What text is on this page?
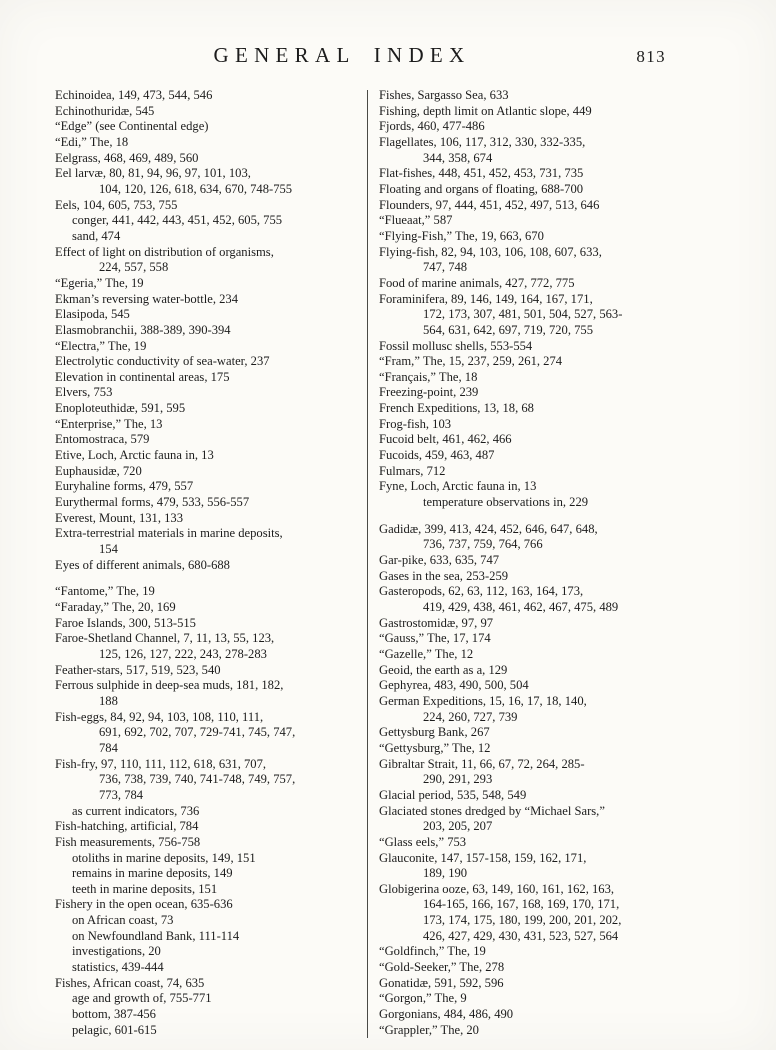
GENERAL INDEX	813
Echinoidea, 149, 473, 544, 546
Echinothuridæ, 545
“Edge” (see Continental edge)
“Edi,” The, 18
Eelgrass, 468, 469, 489, 560
Eel larvæ, 80, 81, 94, 96, 97, 101, 103,
104, 120, 126, 618, 634, 670, 748-755
Eels, 104, 605, 753, 755
conger, 441, 442, 443, 451, 452, 605, 755
sand, 474
Effect of light on distribution of organisms,
224, 557, 558
“Egeria,” The, 19
Ekman’s reversing water-bottle, 234
Elasipoda, 545
Elasmobranchii, 388-389, 390-394
“Electra,” The, 19
Electrolytic conductivity of sea-water, 237
Elevation in continental areas, 175
Elvers, 753
Enoploteuthidæ, 591, 595
“Enterprise,” The, 13
Entomostraca, 579
Etive, Loch, Arctic fauna in, 13
Euphausidæ, 720
Euryhaline forms, 479, 557
Eurythermal forms, 479, 533, 556-557
Everest, Mount, 131, 133
Extra-terrestrial materials in marine deposits,
154
Eyes of different animals, 680-688
“Fantome,” The, 19
“Faraday,” The, 20, 169
Faroe Islands, 300, 513-515
Faroe-Shetland Channel, 7, 11, 13, 55, 123,
125, 126, 127, 222, 243, 278-283
Feather-stars, 517, 519, 523, 540
Ferrous sulphide in deep-sea muds, 181, 182,
188
Fish-eggs, 84, 92, 94, 103, 108, 110, 111,
691, 692, 702, 707, 729-741, 745, 747,
784
Fish-fry, 97, 110, 111, 112, 618, 631, 707,
736, 738, 739, 740, 741-748, 749, 757,
773, 784
as current indicators, 736
Fish-hatching, artificial, 784
Fish measurements, 756-758
otoliths in marine deposits, 149, 151
remains in marine deposits, 149
teeth in marine deposits, 151
Fishery in the open ocean, 635-636
on African coast, 73
on Newfoundland Bank, 111-114
investigations, 20
statistics, 439-444
Fishes, African coast, 74, 635
age and growth of, 755-771
bottom, 387-456
pelagic, 601-615
Fishes, Sargasso Sea, 633
Fishing, depth limit on Atlantic slope, 449
Fjords, 460, 477-486
Flagellates, 106, 117, 312, 330, 332-335,
344, 358, 674
Flat-fishes, 448, 451, 452, 453, 731, 735
Floating and organs of floating, 688-700
Flounders, 97, 444, 451, 452, 497, 513, 646
“Flueaat,” 587
“Flying-Fish,” The, 19, 663, 670
Flying-fish, 82, 94, 103, 106, 108, 607, 633,
747, 748
Food of marine animals, 427, 772, 775
Foraminifera, 89, 146, 149, 164, 167, 171,
172, 173, 307, 481, 501, 504, 527, 563-
564, 631, 642, 697, 719, 720, 755
Fossil mollusc shells, 553-554
“Fram,” The, 15, 237, 259, 261, 274
“Français,” The, 18
Freezing-point, 239
French Expeditions, 13, 18, 68
Frog-fish, 103
Fucoid belt, 461, 462, 466
Fucoids, 459, 463, 487
Fulmars, 712
Fyne, Loch, Arctic fauna in, 13
temperature observations in, 229
Gadidæ, 399, 413, 424, 452, 646, 647, 648,
736, 737, 759, 764, 766
Gar-pike, 633, 635, 747
Gases in the sea, 253-259
Gasteropods, 62, 63, 112, 163, 164, 173,
419, 429, 438, 461, 462, 467, 475, 489
Gastrostomidæ, 97, 97
“Gauss,” The, 17, 174
“Gazelle,” The, 12
Geoid, the earth as a, 129
Gephyrea, 483, 490, 500, 504
German Expeditions, 15, 16, 17, 18, 140,
224, 260, 727, 739
Gettysburg Bank, 267
“Gettysburg,” The, 12
Gibraltar Strait, 11, 66, 67, 72, 264, 285-
290, 291, 293
Glacial period, 535, 548, 549
Glaciated stones dredged by “Michael Sars,”
203, 205, 207
“Glass eels,” 753
Glauconite, 147, 157-158, 159, 162, 171,
189, 190
Globigerina ooze, 63, 149, 160, 161, 162, 163,
164-165, 166, 167, 168, 169, 170, 171,
173, 174, 175, 180, 199, 200, 201, 202,
426, 427, 429, 430, 431, 523, 527, 564
“Goldfinch,” The, 19
“Gold-Seeker,” The, 278
Gonatidæ, 591, 592, 596
“Gorgon,” The, 9
Gorgonians, 484, 486, 490
“Grappler,” The, 20
